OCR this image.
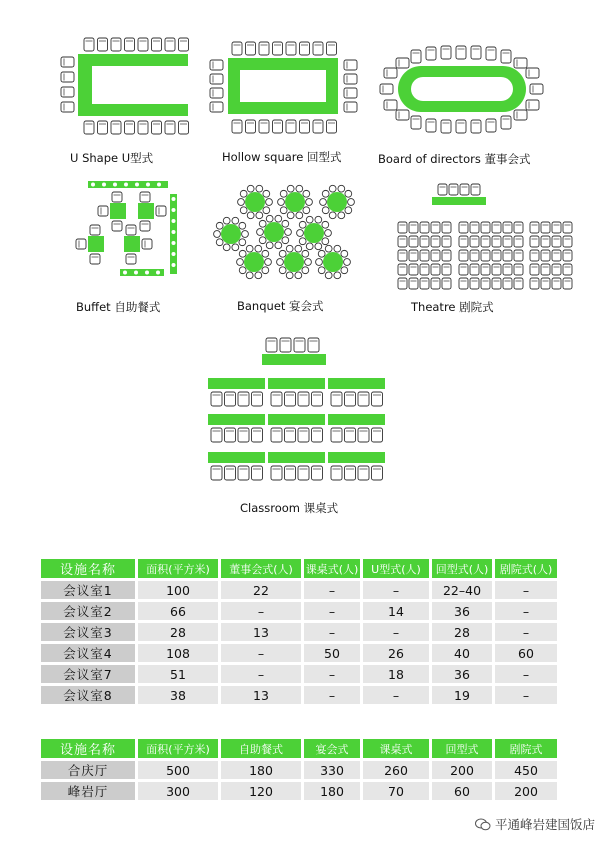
U Shape U型式	Hollow square 回型式	Board of directors 董事会式
Buffet 自助餐式	Banquet 宴会式	Theatre 剧院式
Classroom 课桌式
设施名称	面积(平方米)	董事会式(人)	课桌式(人)	U型式(人)	回型式(人)	剧院式(人)
会议室1	100	22	–	–	22–40	–
会议室2	66	–	–	14	36	–
会议室3	28	13	–	–	28	–
会议室4	108	–	50	26	40	60
会议室7	51	–	–	18	36	–
会议室8	38	13	–	–	19	–
设施名称	面积(平方米)	自助餐式	宴会式	课桌式	回型式	剧院式
合庆厅	500	180	330	260	200	450
峰岩厅	300	120	180	70	60	200
平通峰岩建国饭店
